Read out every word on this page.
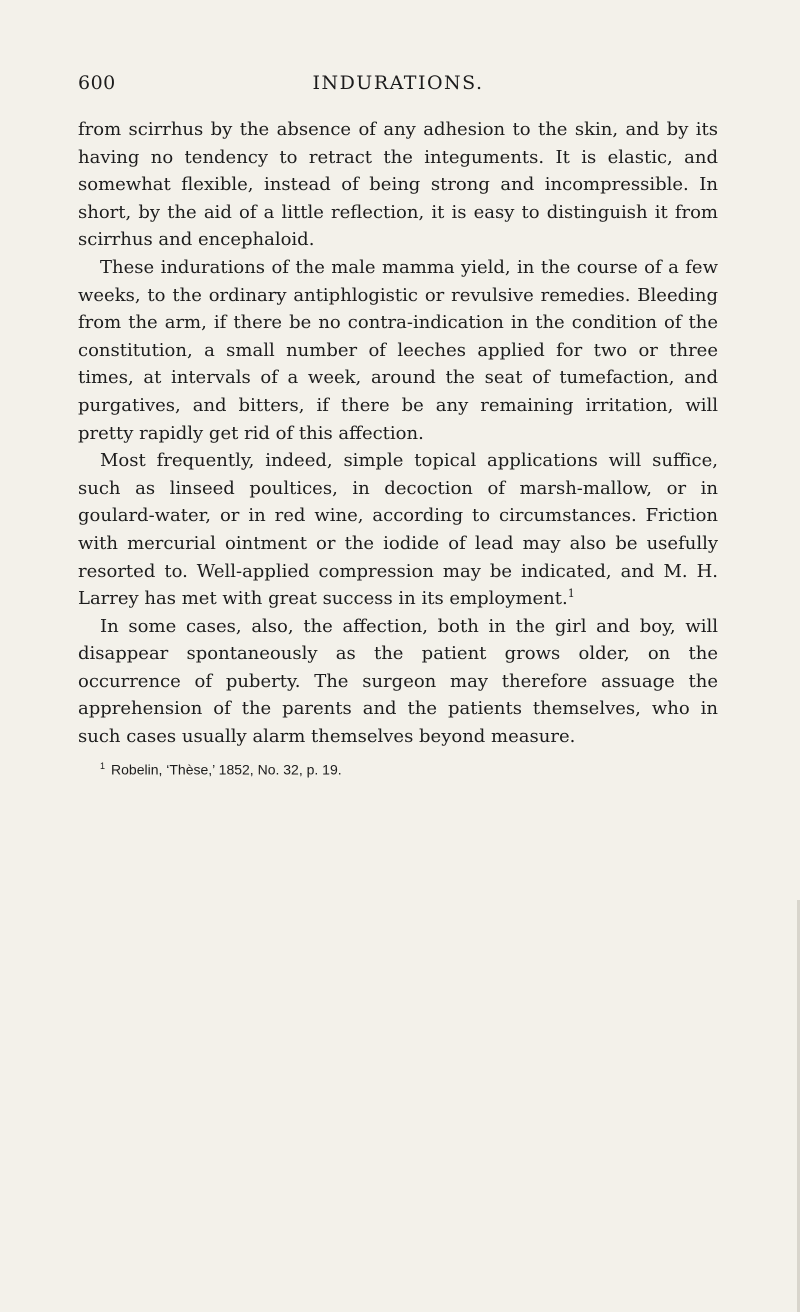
600	INDURATIONS.

from scirrhus by the absence of any adhesion to the skin, and by its having no tendency to retract the integuments. It is elastic, and somewhat flexible, instead of being strong and incompressible. In short, by the aid of a little reflection, it is easy to distinguish it from scirrhus and encephaloid.

These indurations of the male mamma yield, in the course of a few weeks, to the ordinary antiphlogistic or revulsive remedies. Bleeding from the arm, if there be no contra-indication in the condition of the constitution, a small number of leeches applied for two or three times, at intervals of a week, around the seat of tumefaction, and purgatives, and bitters, if there be any remaining irritation, will pretty rapidly get rid of this affection.

Most frequently, indeed, simple topical applications will suffice, such as linseed poultices, in decoction of marsh-mallow, or in goulard-water, or in red wine, according to circumstances. Friction with mercurial ointment or the iodide of lead may also be usefully resorted to. Well-applied compression may be indicated, and M. H. Larrey has met with great success in its employment.$^1$

In some cases, also, the affection, both in the girl and boy, will disappear spontaneously as the patient grows older, on the occurrence of puberty. The surgeon may therefore assuage the apprehension of the parents and the patients themselves, who in such cases usually alarm themselves beyond measure.

$^1$ Robelin, ‘Thèse,’ 1852, No. 32, p. 19.
